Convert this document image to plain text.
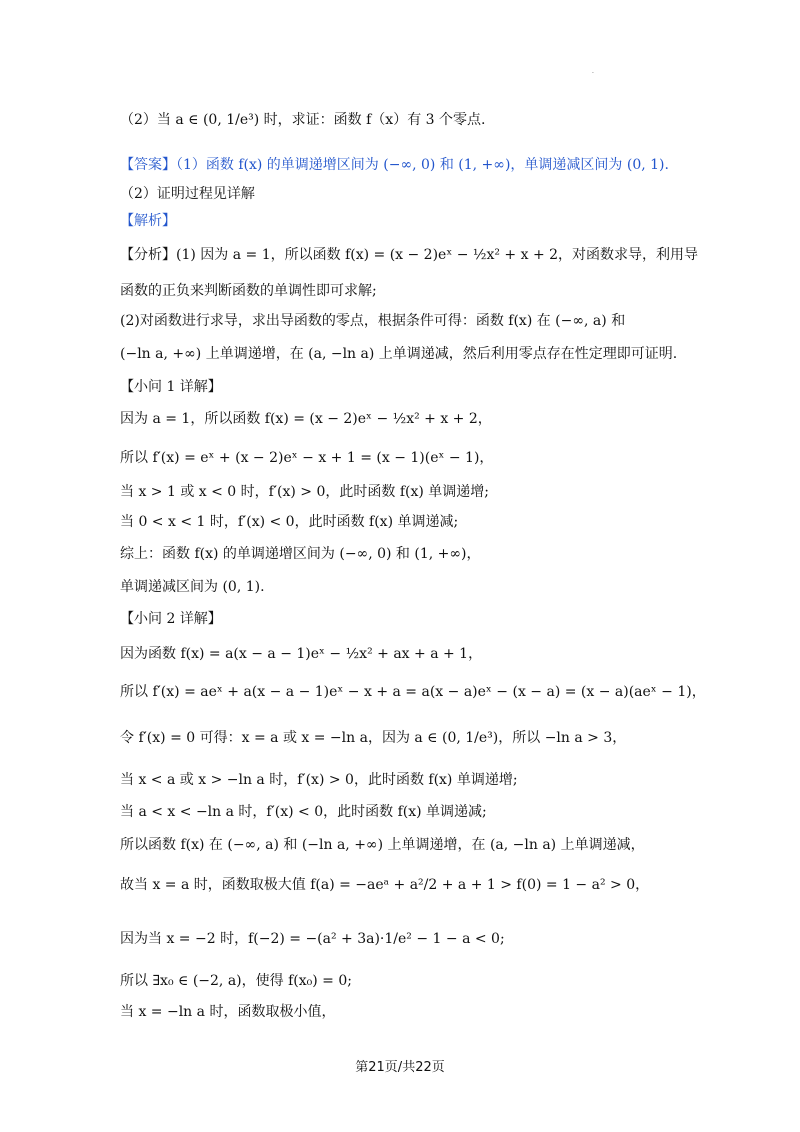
·
（2）当 a ∈ (0, 1/e³) 时，求证：函数 f（x）有 3 个零点.
【答案】（1）函数 f(x) 的单调递增区间为 (−∞, 0) 和 (1, +∞)，单调递减区间为 (0, 1).
（2）证明过程见详解
【解析】
【分析】(1) 因为 a = 1，所以函数 f(x) = (x − 2)eˣ − ½x² + x + 2，对函数求导，利用导
函数的正负来判断函数的单调性即可求解;
(2)对函数进行求导，求出导函数的零点，根据条件可得：函数 f(x) 在 (−∞, a) 和
(−ln a, +∞) 上单调递增，在 (a, −ln a) 上单调递减，然后利用零点存在性定理即可证明.
【小问 1 详解】
因为 a = 1，所以函数 f(x) = (x − 2)eˣ − ½x² + x + 2，
所以 f′(x) = eˣ + (x − 2)eˣ − x + 1 = (x − 1)(eˣ − 1)，
当 x > 1 或 x < 0 时，f′(x) > 0，此时函数 f(x) 单调递增;
当 0 < x < 1 时，f′(x) < 0，此时函数 f(x) 单调递减;
综上：函数 f(x) 的单调递增区间为 (−∞, 0) 和 (1, +∞)，
单调递减区间为 (0, 1).
【小问 2 详解】
因为函数 f(x) = a(x − a − 1)eˣ − ½x² + ax + a + 1，
所以 f′(x) = aeˣ + a(x − a − 1)eˣ − x + a = a(x − a)eˣ − (x − a) = (x − a)(aeˣ − 1)，
令 f′(x) = 0 可得：x = a 或 x = −ln a，因为 a ∈ (0, 1/e³)，所以 −ln a > 3，
当 x < a 或 x > −ln a 时，f′(x) > 0，此时函数 f(x) 单调递增;
当 a < x < −ln a 时，f′(x) < 0，此时函数 f(x) 单调递减;
所以函数 f(x) 在 (−∞, a) 和 (−ln a, +∞) 上单调递增，在 (a, −ln a) 上单调递减，
故当 x = a 时，函数取极大值 f(a) = −aeᵃ + a²/2 + a + 1 > f(0) = 1 − a² > 0，
因为当 x = −2 时，f(−2) = −(a² + 3a)·1/e² − 1 − a < 0;
所以 ∃x₀ ∈ (−2, a)，使得 f(x₀) = 0;
当 x = −ln a 时，函数取极小值，
第21页/共22页
